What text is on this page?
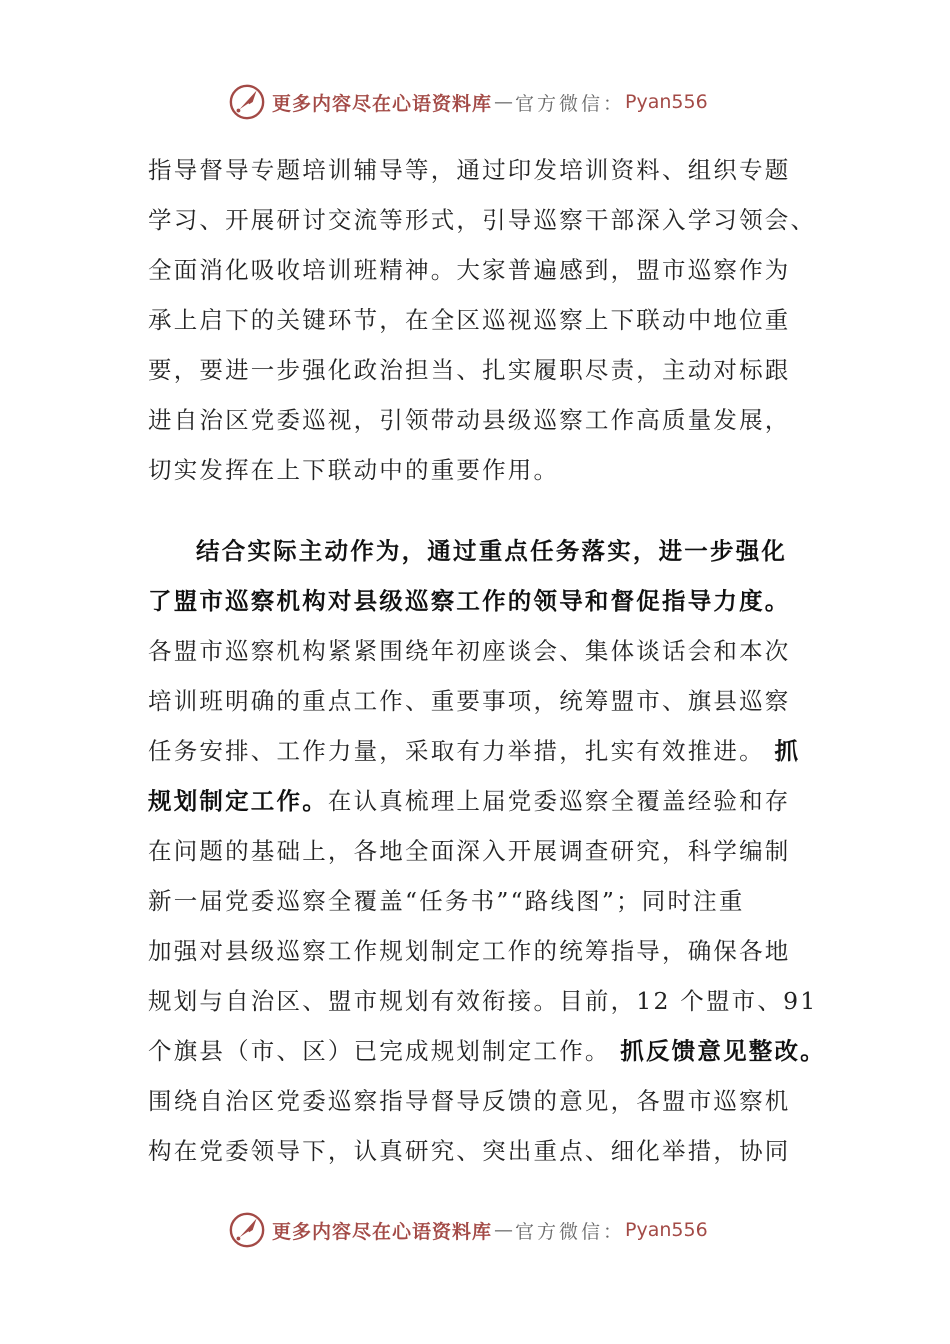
更多内容尽在心语资料库 — 官方微信： Pyan556
指导督导专题培训辅导等，通过印发培训资料、组织专题
学习、开展研讨交流等形式，引导巡察干部深入学习领会、
全面消化吸收培训班精神。大家普遍感到，盟市巡察作为
承上启下的关键环节，在全区巡视巡察上下联动中地位重
要，要进一步强化政治担当、扎实履职尽责，主动对标跟
进自治区党委巡视，引领带动县级巡察工作高质量发展，
切实发挥在上下联动中的重要作用。
结合实际主动作为，通过重点任务落实，进一步强化
了盟市巡察机构对县级巡察工作的领导和督促指导力度。
各盟市巡察机构紧紧围绕年初座谈会、集体谈话会和本次
培训班明确的重点工作、重要事项，统筹盟市、旗县巡察
任务安排、工作力量，采取有力举措，扎实有效推进。 抓
规划制定工作。在认真梳理上届党委巡察全覆盖经验和存
在问题的基础上，各地全面深入开展调查研究，科学编制
新一届党委巡察全覆盖“任务书”“路线图”；同时注重
加强对县级巡察工作规划制定工作的统筹指导，确保各地
规划与自治区、盟市规划有效衔接。目前，12 个盟市、91
个旗县（市、区）已完成规划制定工作。 抓反馈意见整改。
围绕自治区党委巡察指导督导反馈的意见，各盟市巡察机
构在党委领导下，认真研究、突出重点、细化举措，协同
更多内容尽在心语资料库 — 官方微信： Pyan556
